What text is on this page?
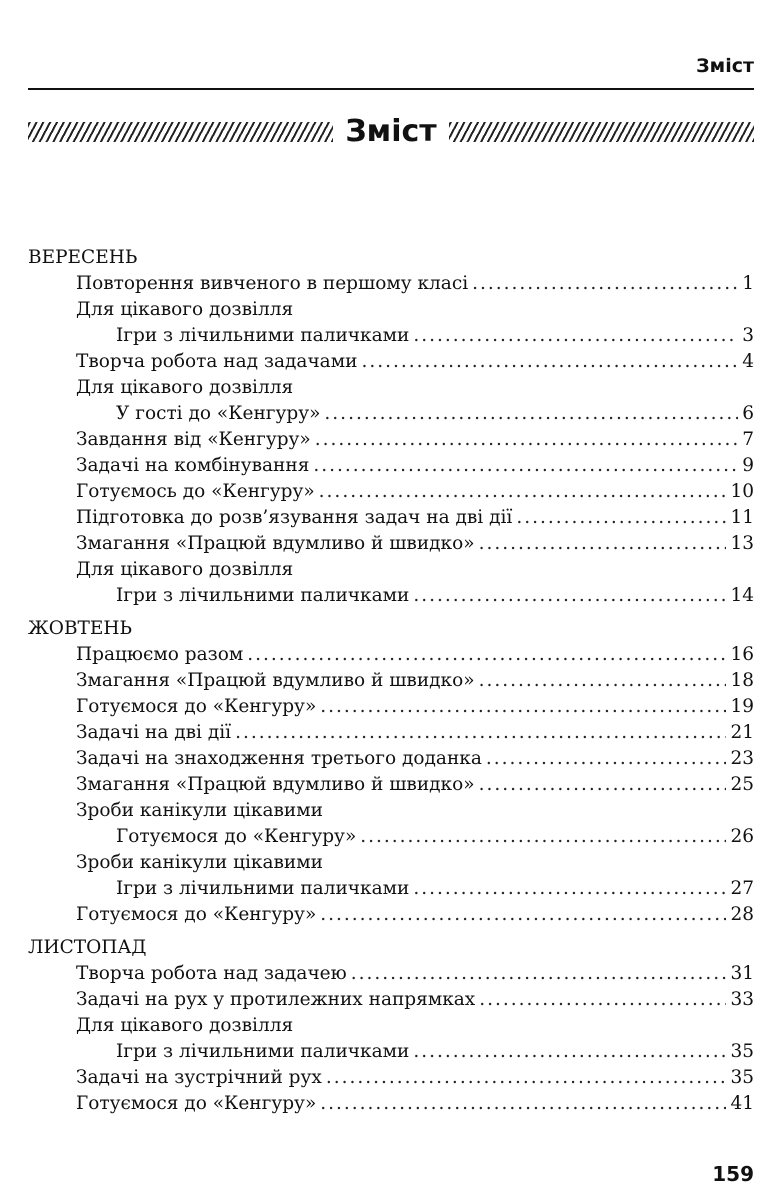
Зміст
Зміст
ВЕРЕСЕНЬ
Повторення вивченого в першому класі .....	1
Для цікавого дозвілля
Ігри з лічильними паличками .....	3
Творча робота над задачами .....	4
Для цікавого дозвілля
У гості до «Кенгуру» .....	6
Завдання від «Кенгуру» .....	7
Задачі на комбінування .....	9
Готуємось до «Кенгуру» .....	10
Підготовка до розв’язування задач на дві дії .....	11
Змагання «Працюй вдумливо й швидко» .....	13
Для цікавого дозвілля
Ігри з лічильними паличками .....	14
ЖОВТЕНЬ
Працюємо разом .....	16
Змагання «Працюй вдумливо й швидко» .....	18
Готуємося до «Кенгуру» .....	19
Задачі на дві дії .....	21
Задачі на знаходження третього доданка .....	23
Змагання «Працюй вдумливо й швидко» .....	25
Зроби канікули цікавими
Готуємося до «Кенгуру» .....	26
Зроби канікули цікавими
Ігри з лічильними паличками .....	27
Готуємося до «Кенгуру» .....	28
ЛИСТОПАД
Творча робота над задачею .....	31
Задачі на рух у протилежних напрямках .....	33
Для цікавого дозвілля
Ігри з лічильними паличками .....	35
Задачі на зустрічний рух .....	35
Готуємося до «Кенгуру» .....	41
159
